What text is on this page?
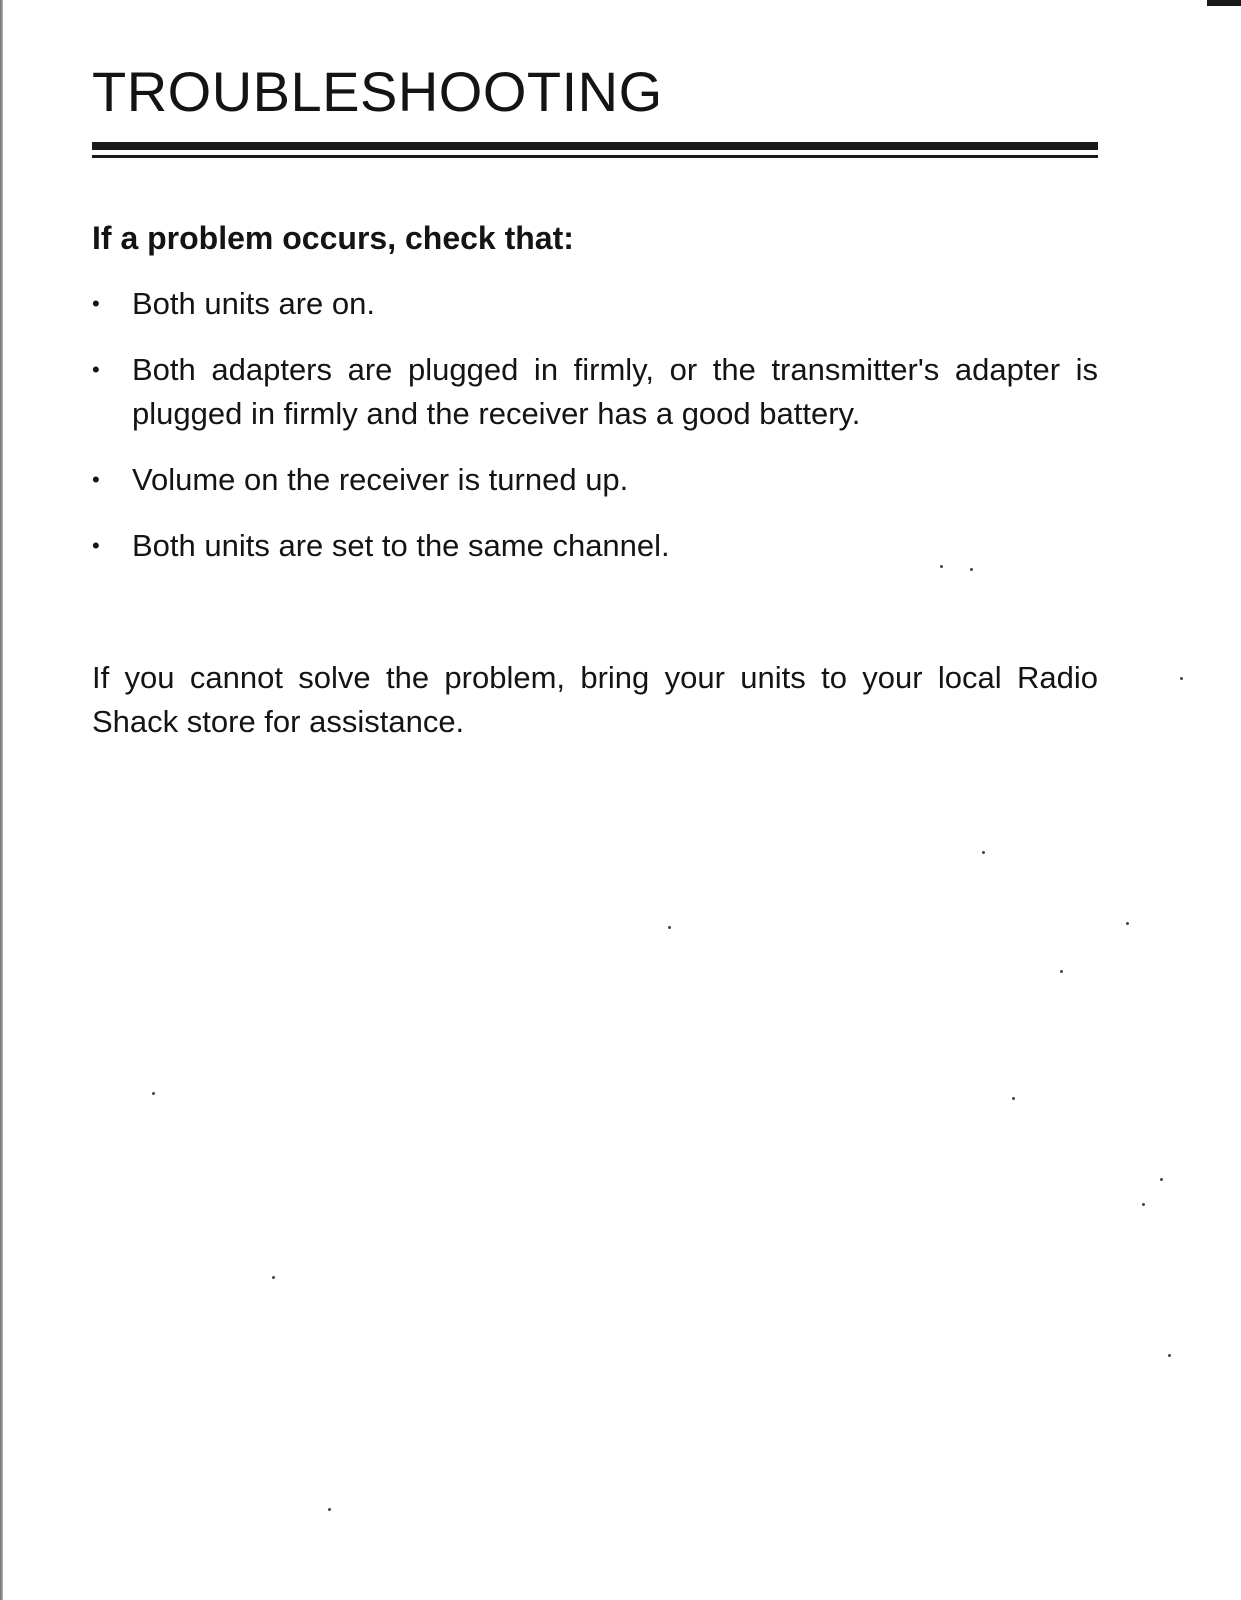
TROUBLESHOOTING

If a problem occurs, check that:

• Both units are on.
• Both adapters are plugged in firmly, or the transmitter's adapter is plugged in firmly and the receiver has a good battery.
• Volume on the receiver is turned up.
• Both units are set to the same channel.

If you cannot solve the problem, bring your units to your local Radio Shack store for assistance.
